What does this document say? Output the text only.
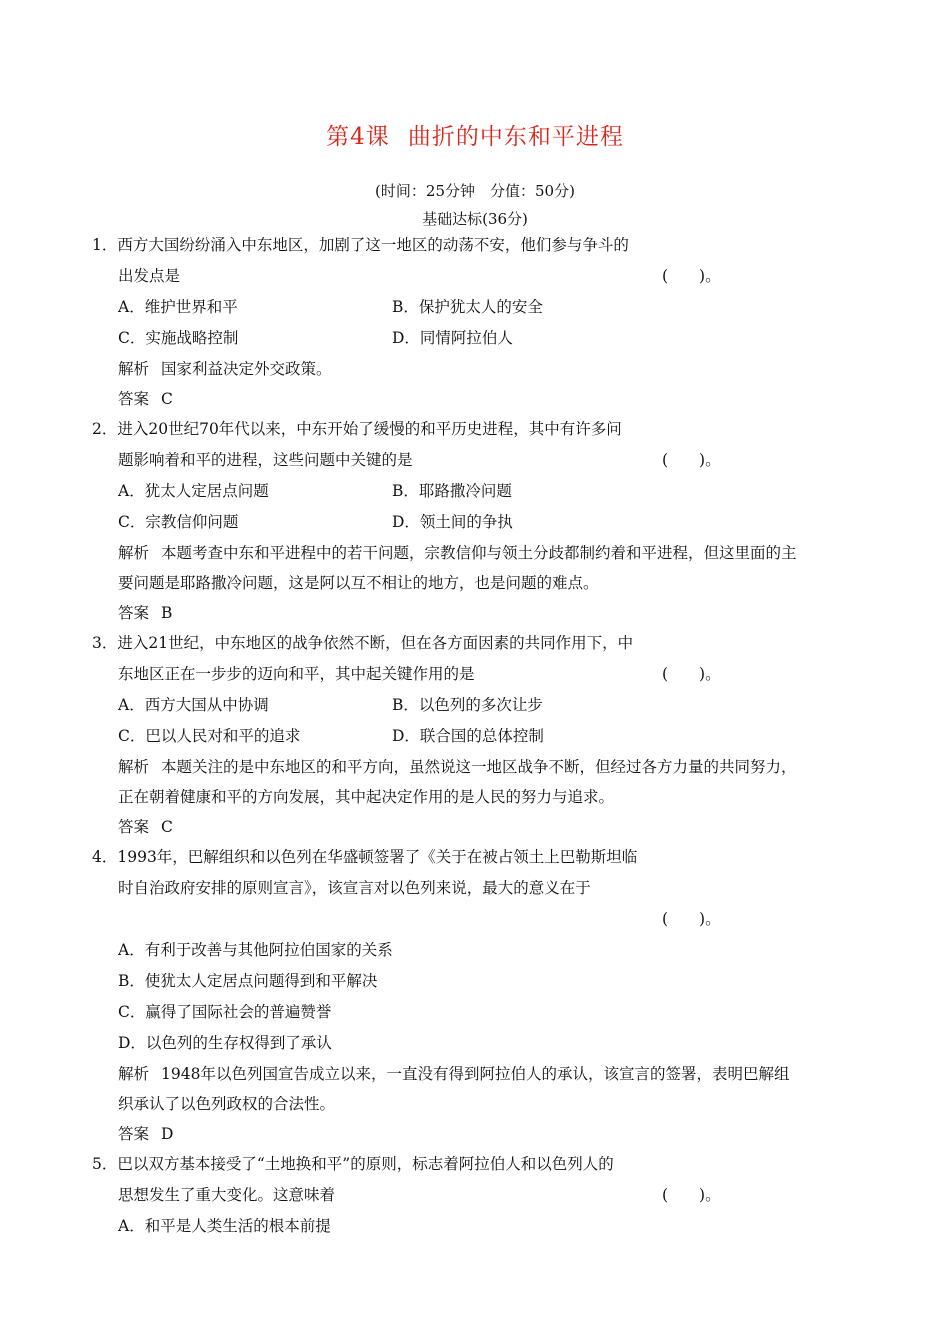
第4课 曲折的中东和平进程
(时间：25分钟　分值：50分)
基础达标(36分)
1．西方大国纷纷涌入中东地区，加剧了这一地区的动荡不安，他们参与争斗的
出发点是	(　　)。
A．维护世界和平	B．保护犹太人的安全
C．实施战略控制	D．同情阿拉伯人
解析 国家利益决定外交政策。
答案 C
2．进入20世纪70年代以来，中东开始了缓慢的和平历史进程，其中有许多问
题影响着和平的进程，这些问题中关键的是	(　　)。
A．犹太人定居点问题	B．耶路撒冷问题
C．宗教信仰问题	D．领土间的争执
解析 本题考查中东和平进程中的若干问题，宗教信仰与领土分歧都制约着和平进程，但这里面的主
要问题是耶路撒冷问题，这是阿以互不相让的地方，也是问题的难点。
答案 B
3．进入21世纪，中东地区的战争依然不断，但在各方面因素的共同作用下，中
东地区正在一步步的迈向和平，其中起关键作用的是	(　　)。
A．西方大国从中协调	B．以色列的多次让步
C．巴以人民对和平的追求	D．联合国的总体控制
解析 本题关注的是中东地区的和平方向，虽然说这一地区战争不断，但经过各方力量的共同努力，
正在朝着健康和平的方向发展，其中起决定作用的是人民的努力与追求。
答案 C
4．1993年，巴解组织和以色列在华盛顿签署了《关于在被占领土上巴勒斯坦临
时自治政府安排的原则宣言》，该宣言对以色列来说，最大的意义在于
(　　)。
A．有利于改善与其他阿拉伯国家的关系
B．使犹太人定居点问题得到和平解决
C．赢得了国际社会的普遍赞誉
D．以色列的生存权得到了承认
解析 1948年以色列国宣告成立以来，一直没有得到阿拉伯人的承认，该宣言的签署，表明巴解组
织承认了以色列政权的合法性。
答案 D
5．巴以双方基本接受了“土地换和平”的原则，标志着阿拉伯人和以色列人的
思想发生了重大变化。这意味着	(　　)。
A．和平是人类生活的根本前提
